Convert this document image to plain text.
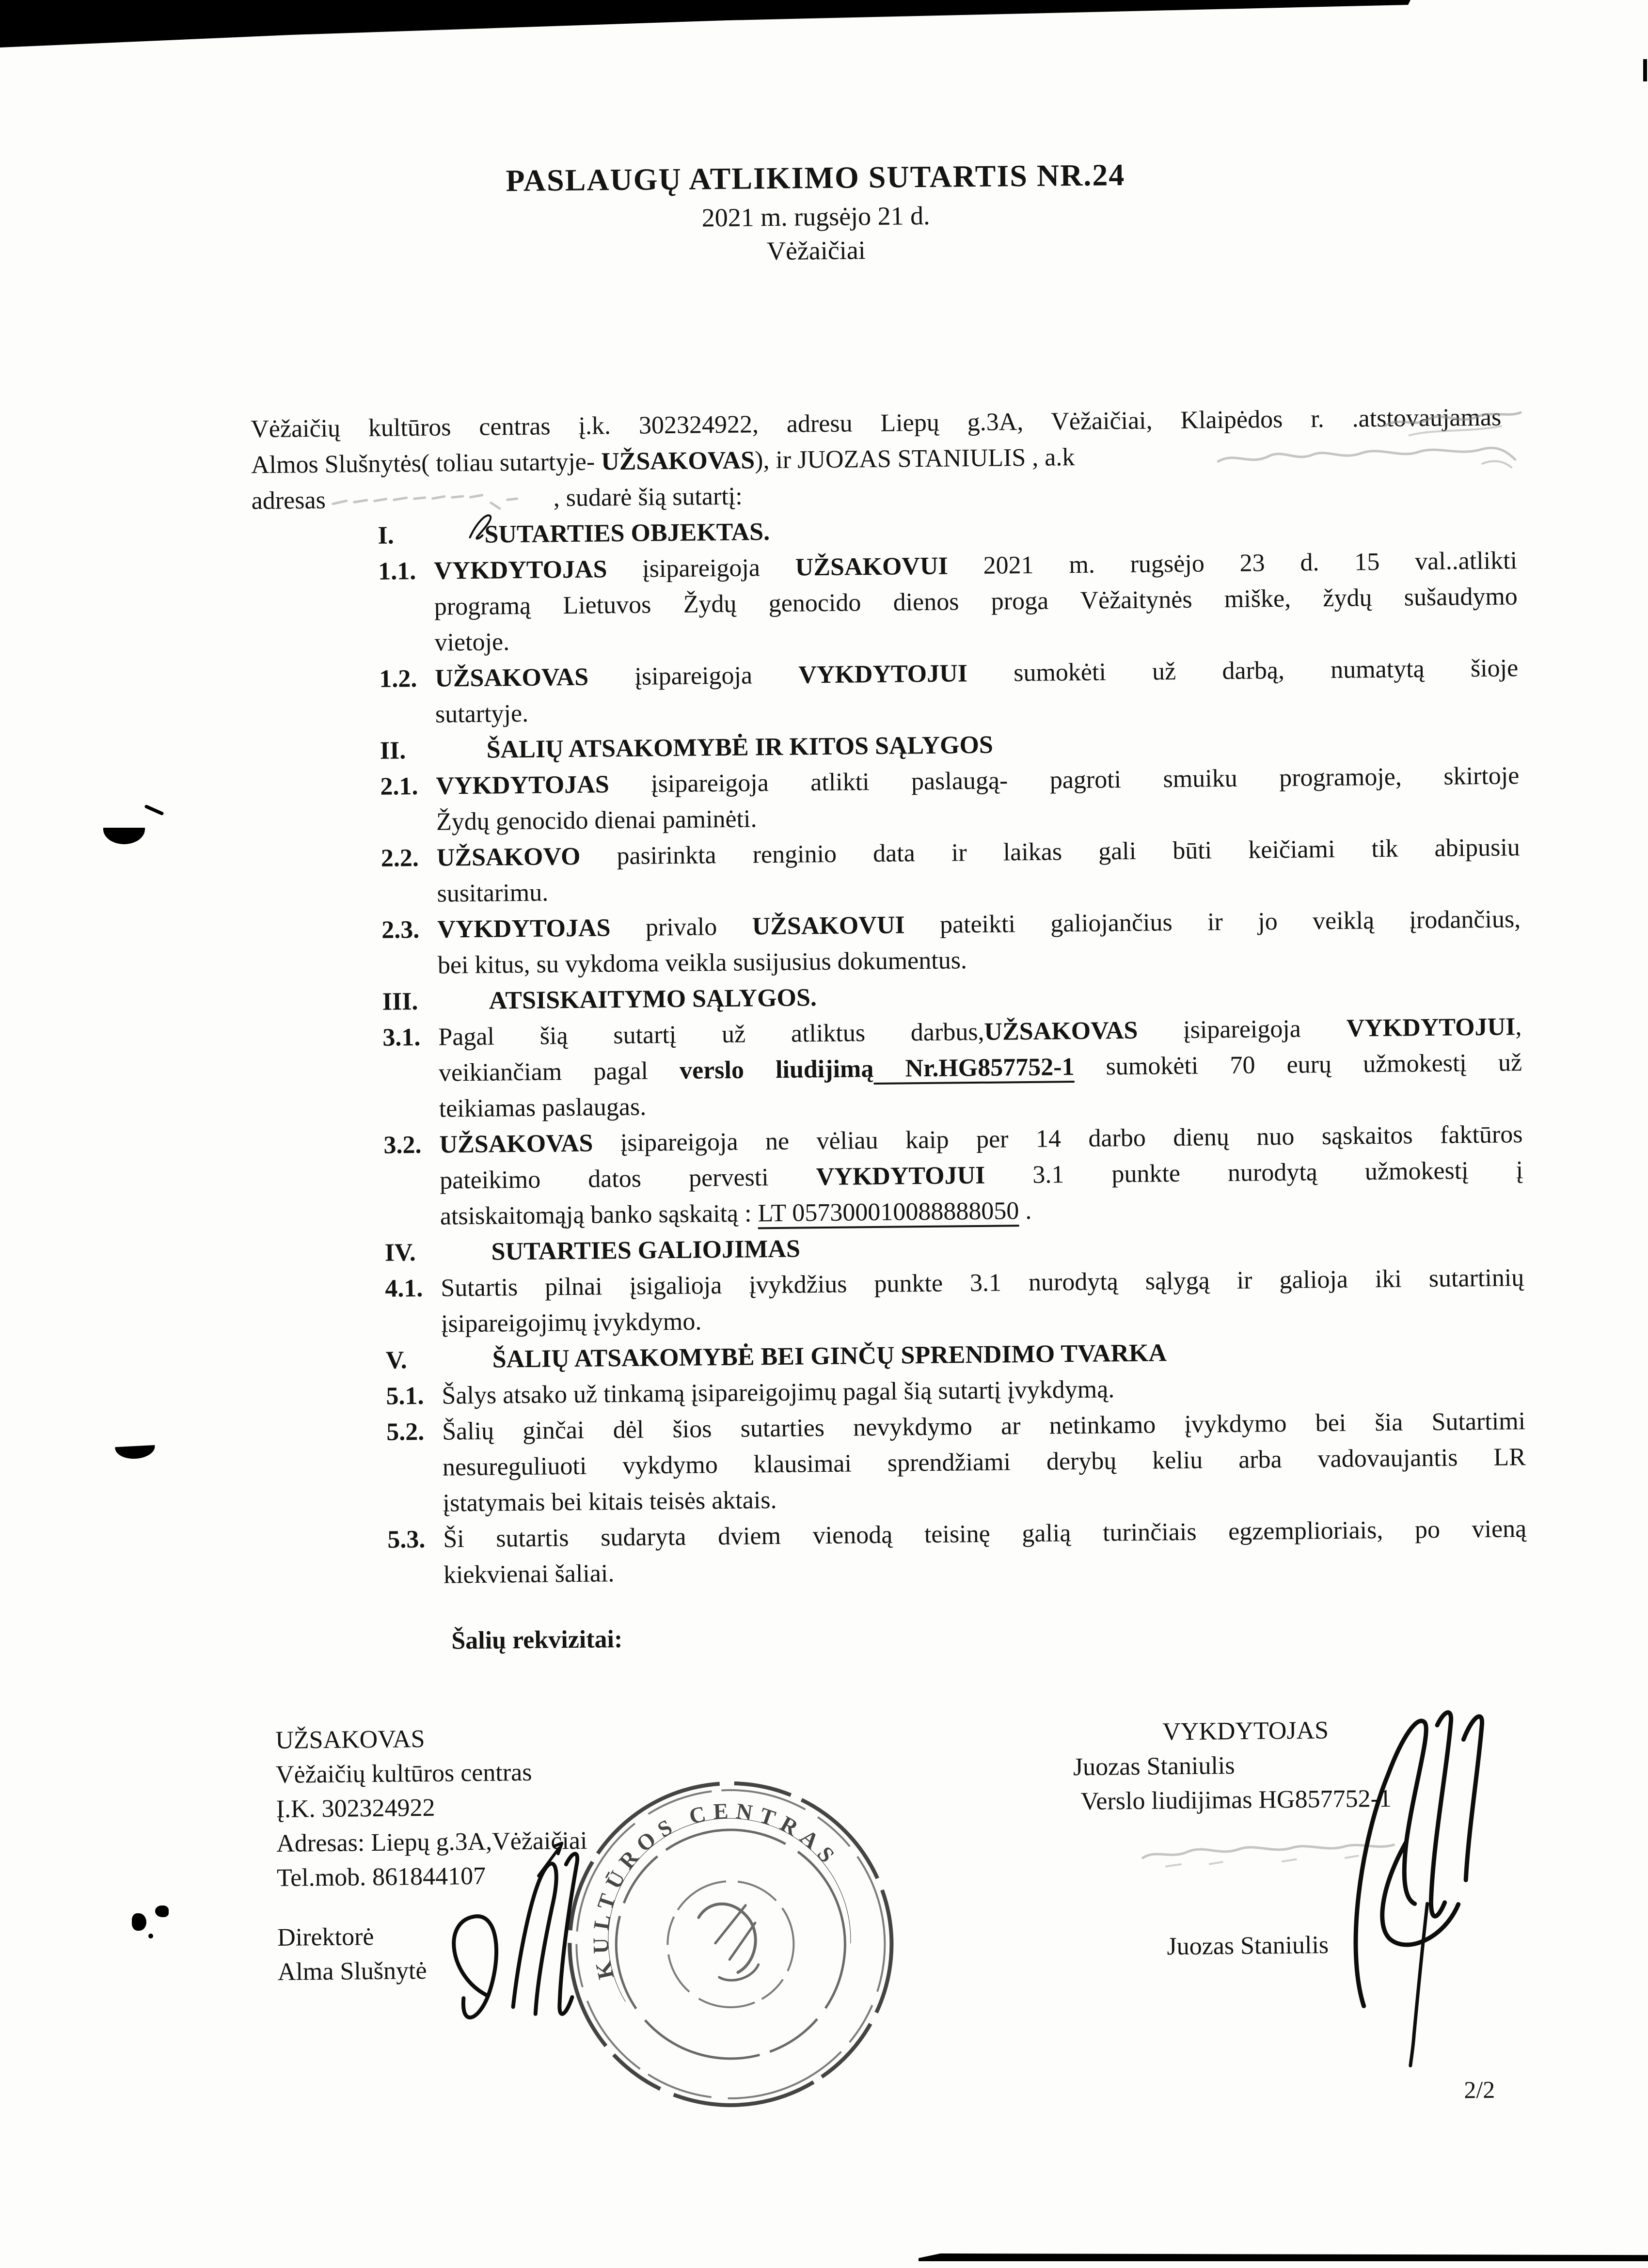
PASLAUGŲ ATLIKIMO SUTARTIS NR.24
2021 m. rugsėjo 21 d.
Vėžaičiai
Vėžaičių kultūros centras į.k. 302324922, adresu Liepų g.3A, Vėžaičiai, Klaipėdos r. .atstovaujamas
Almos Slušnytės( toliau sutartyje- UŽSAKOVAS), ir JUOZAS STANIULIS , a.k
adresas	, sudarė šią sutartį:
I.	SUTARTIES OBJEKTAS.
1.1. VYKDYTOJAS įsipareigoja UŽSAKOVUI 2021 m. rugsėjo 23 d. 15 val..atlikti
programą Lietuvos Žydų genocido dienos proga Vėžaitynės miške, žydų sušaudymo
vietoje.
1.2. UŽSAKOVAS įsipareigoja VYKDYTOJUI sumokėti už darbą, numatytą šioje
sutartyje.
II.	ŠALIŲ ATSAKOMYBĖ IR KITOS SĄLYGOS
2.1. VYKDYTOJAS įsipareigoja atlikti paslaugą- pagroti smuiku programoje, skirtoje
Žydų genocido dienai paminėti.
2.2. UŽSAKOVO pasirinkta renginio data ir laikas gali būti keičiami tik abipusiu
susitarimu.
2.3. VYKDYTOJAS privalo UŽSAKOVUI pateikti galiojančius ir jo veiklą įrodančius,
bei kitus, su vykdoma veikla susijusius dokumentus.
III.	ATSISKAITYMO SĄLYGOS.
3.1. Pagal šią sutartį už atliktus darbus,UŽSAKOVAS įsipareigoja VYKDYTOJUI,
veikiančiam pagal verslo liudijimą Nr.HG857752-1 sumokėti 70 eurų užmokestį už
teikiamas paslaugas.
3.2. UŽSAKOVAS įsipareigoja ne vėliau kaip per 14 darbo dienų nuo sąskaitos faktūros
pateikimo datos pervesti VYKDYTOJUI 3.1 punkte nurodytą užmokestį į
atsiskaitomąją banko sąskaitą : LT 057300010088888050 .
IV.	SUTARTIES GALIOJIMAS
4.1. Sutartis pilnai įsigalioja įvykdžius punkte 3.1 nurodytą sąlygą ir galioja iki sutartinių
įsipareigojimų įvykdymo.
V.	ŠALIŲ ATSAKOMYBĖ BEI GINČŲ SPRENDIMO TVARKA
5.1. Šalys atsako už tinkamą įsipareigojimų pagal šią sutartį įvykdymą.
5.2. Šalių ginčai dėl šios sutarties nevykdymo ar netinkamo įvykdymo bei šia Sutartimi
nesureguliuoti vykdymo klausimai sprendžiami derybų keliu arba vadovaujantis LR
įstatymais bei kitais teisės aktais.
5.3. Ši sutartis sudaryta dviem vienodą teisinę galią turinčiais egzemplioriais, po vieną
kiekvienai šaliai.
Šalių rekvizitai:
UŽSAKOVAS
Vėžaičių kultūros centras
Į.K. 302324922
Adresas: Liepų g.3A,Vėžaičiai
Tel.mob. 861844107
Direktorė
Alma Slušnytė
VYKDYTOJAS
Juozas Staniulis
Verslo liudijimas HG857752-1
Juozas Staniulis
2/2
KULTŪROS CENTRAS
